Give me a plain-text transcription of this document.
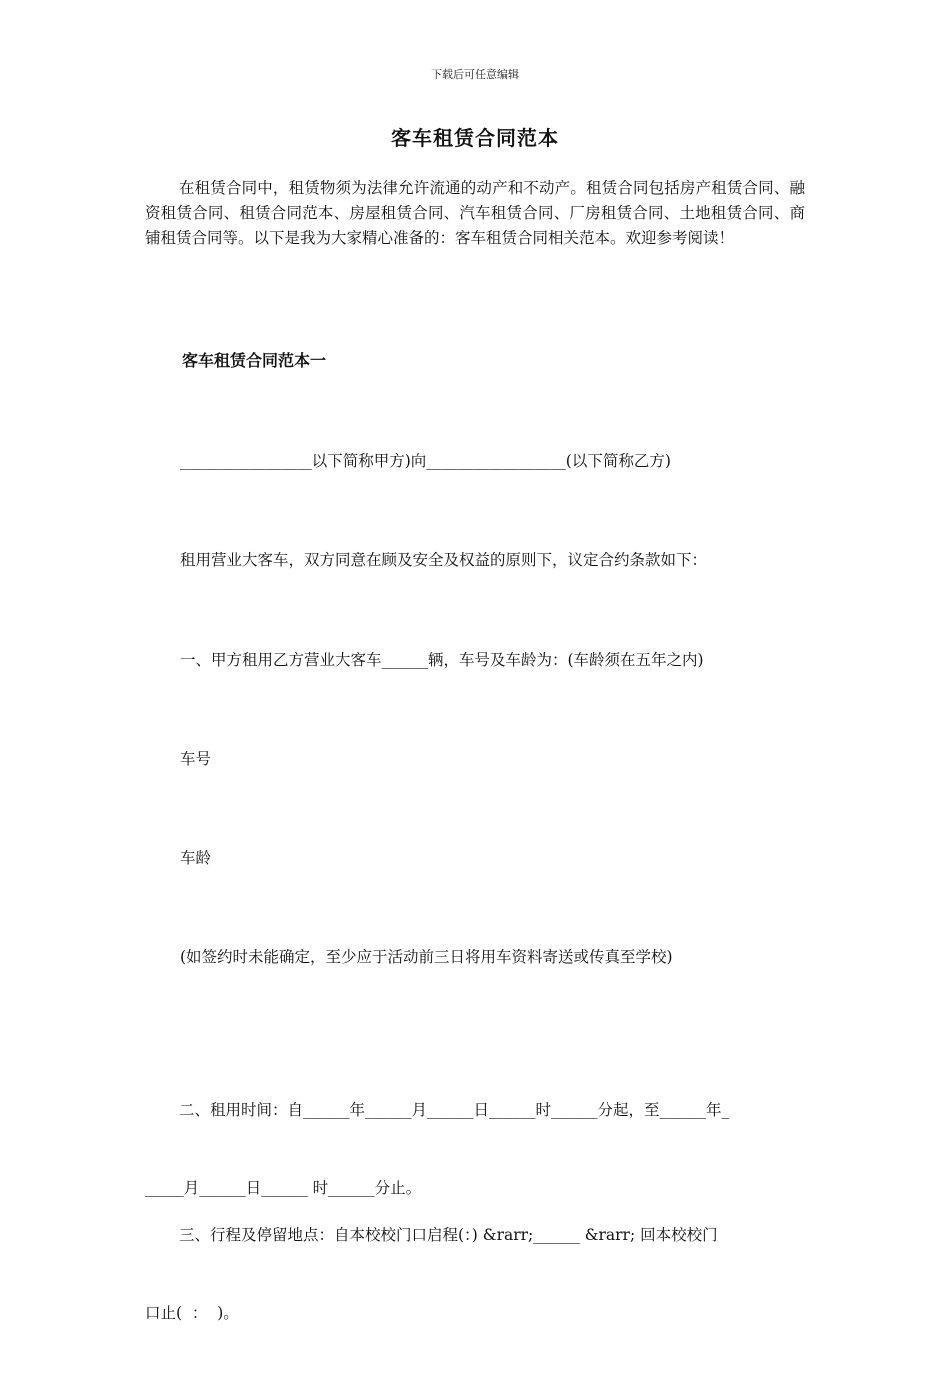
下载后可任意编辑
客车租赁合同范本
在租赁合同中，租赁物须为法律允许流通的动产和不动产。租赁合同包括房产租赁合同、融资租赁合同、租赁合同范本、房屋租赁合同、汽车租赁合同、厂房租赁合同、土地租赁合同、商铺租赁合同等。以下是我为大家精心准备的：客车租赁合同相关范本。欢迎参考阅读！
客车租赁合同范本一
_________________以下简称甲方)向__________________(以下简称乙方)
租用营业大客车，双方同意在顾及安全及权益的原则下，议定合约条款如下：
一、甲方租用乙方营业大客车______辆，车号及车龄为：(车龄须在五年之内)
车号
车龄
(如签约时未能确定，至少应于活动前三日将用车资料寄送或传真至学校)

二、租用时间：自______年______月______日______时______分起，至______年_

_____月______日______ 时______分止。

三、行程及停留地点：自本校校门口启程(：) &rarr;______ &rarr; 回本校校门

口止(  ：  )。
